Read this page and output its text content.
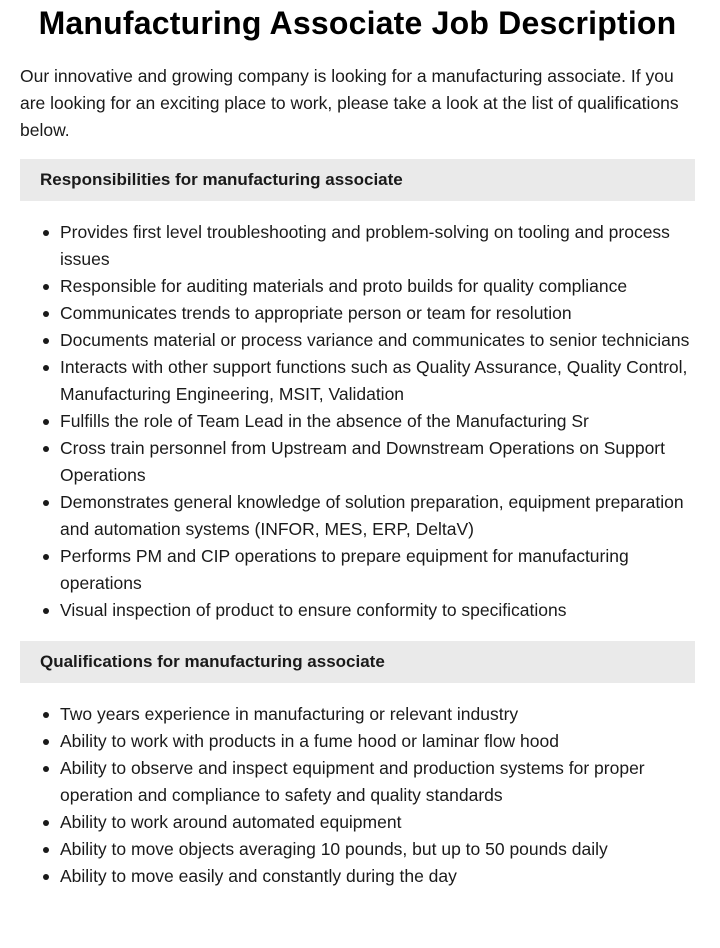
Manufacturing Associate Job Description

Our innovative and growing company is looking for a manufacturing associate. If you are looking for an exciting place to work, please take a look at the list of qualifications below.

Responsibilities for manufacturing associate
Provides first level troubleshooting and problem-solving on tooling and process issues
Responsible for auditing materials and proto builds for quality compliance
Communicates trends to appropriate person or team for resolution
Documents material or process variance and communicates to senior technicians
Interacts with other support functions such as Quality Assurance, Quality Control, Manufacturing Engineering, MSIT, Validation
Fulfills the role of Team Lead in the absence of the Manufacturing Sr
Cross train personnel from Upstream and Downstream Operations on Support Operations
Demonstrates general knowledge of solution preparation, equipment preparation and automation systems (INFOR, MES, ERP, DeltaV)
Performs PM and CIP operations to prepare equipment for manufacturing operations
Visual inspection of product to ensure conformity to specifications
Qualifications for manufacturing associate
Two years experience in manufacturing or relevant industry
Ability to work with products in a fume hood or laminar flow hood
Ability to observe and inspect equipment and production systems for proper operation and compliance to safety and quality standards
Ability to work around automated equipment
Ability to move objects averaging 10 pounds, but up to 50 pounds daily
Ability to move easily and constantly during the day
